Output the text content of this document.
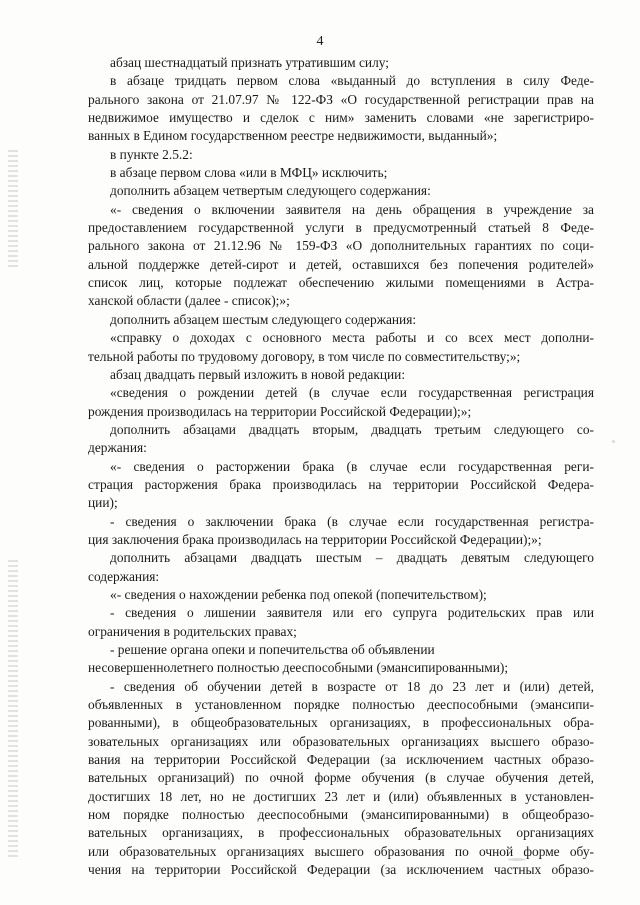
4
абзац шестнадцатый признать утратившим силу;
в абзаце тридцать первом слова «выданный до вступления в силу Феде-
рального закона от 21.07.97 № 122-ФЗ «О государственной регистрации прав на
недвижимое имущество и сделок с ним» заменить словами «не зарегистриро-
ванных в Едином государственном реестре недвижимости, выданный»;
в пункте 2.5.2:
в абзаце первом слова «или в МФЦ» исключить;
дополнить абзацем четвертым следующего содержания:
«- сведения о включении заявителя на день обращения в учреждение за
предоставлением государственной услуги в предусмотренный статьей 8 Феде-
рального закона от 21.12.96 № 159-ФЗ «О дополнительных гарантиях по соци-
альной поддержке детей-сирот и детей, оставшихся без попечения родителей»
список лиц, которые подлежат обеспечению жилыми помещениями в Астра-
ханской области (далее - список);»;
дополнить абзацем шестым следующего содержания:
«справку о доходах с основного места работы и со всех мест дополни-
тельной работы по трудовому договору, в том числе по совместительству;»;
абзац двадцать первый изложить в новой редакции:
«сведения о рождении детей (в случае если государственная регистрация
рождения производилась на территории Российской Федерации);»;
дополнить абзацами двадцать вторым, двадцать третьим следующего со-
держания:
«- сведения о расторжении брака (в случае если государственная реги-
страция расторжения брака производилась на территории Российской Федера-
ции);
- сведения о заключении брака (в случае если государственная регистра-
ция заключения брака производилась на территории Российской Федерации);»;
дополнить абзацами двадцать шестым – двадцать девятым следующего
содержания:
«- сведения о нахождении ребенка под опекой (попечительством);
- сведения о лишении заявителя или его супруга родительских прав или
ограничения в родительских правах;
- решение органа опеки и попечительства об объявлении
несовершеннолетнего полностью дееспособными (эмансипированными);
- сведения об обучении детей в возрасте от 18 до 23 лет и (или) детей,
объявленных в установленном порядке полностью дееспособными (эмансипи-
рованными), в общеобразовательных организациях, в профессиональных обра-
зовательных организациях или образовательных организациях высшего образо-
вания на территории Российской Федерации (за исключением частных образо-
вательных организаций) по очной форме обучения (в случае обучения детей,
достигших 18 лет, но не достигших 23 лет и (или) объявленных в установлен-
ном порядке полностью дееспособными (эмансипированными) в общеобразо-
вательных организациях, в профессиональных образовательных организациях
или образовательных организациях высшего образования по очной форме обу-
чения на территории Российской Федерации (за исключением частных образо-
